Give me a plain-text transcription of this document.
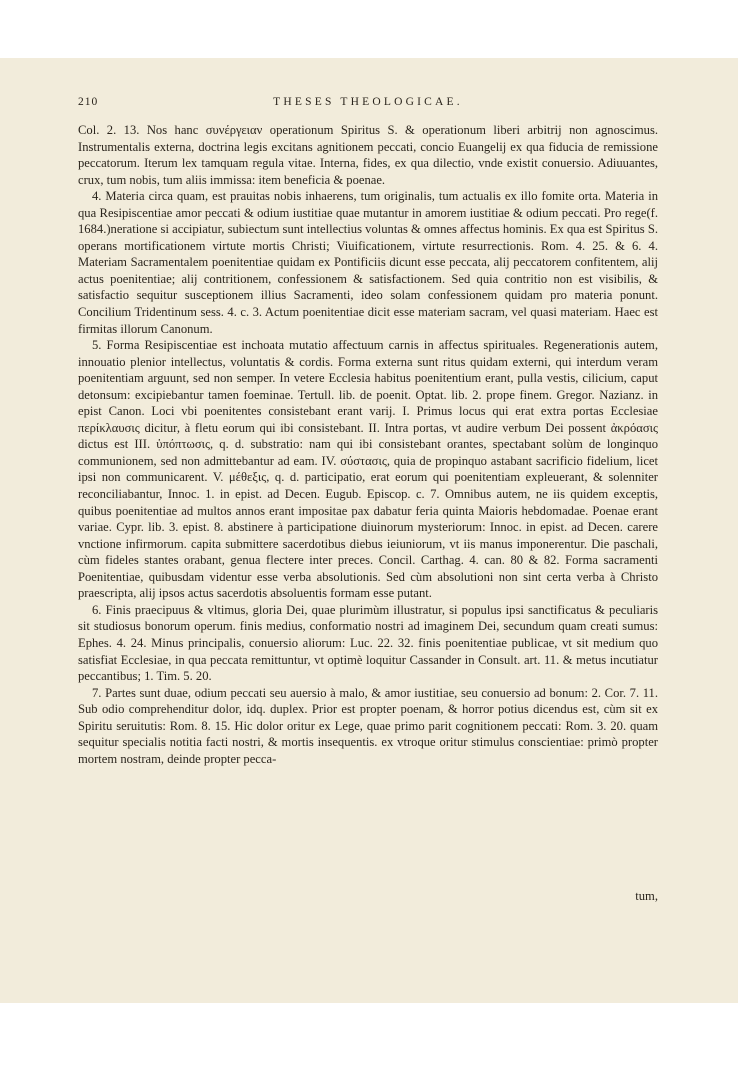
210	THESES THEOLOGICAE.

Col. 2. 13. Nos hanc συνέργειαν operationum Spiritus S. & operationum liberi arbitrij non agnoscimus. Instrumentalis externa, doctrina legis excitans agnitionem peccati, concio Euangelij ex qua fiducia de remissione peccatorum. Iterum lex tamquam regula vitae. Interna, fides, ex qua dilectio, vnde existit conuersio. Adiuuantes, crux, tum nobis, tum aliis immissa: item beneficia & poenae.

4. Materia circa quam, est prauitas nobis inhaerens, tum originalis, tum actualis ex illo fomite orta. Materia in qua Resipiscentiae amor peccati & odium iustitiae quae mutantur in amorem iustitiae & odium peccati. Pro rege(f. 1684.)neratione si accipiatur, subiectum sunt intellectius voluntas & omnes affectus hominis. Ex qua est Spiritus S. operans mortificationem virtute mortis Christi; Viuificationem, virtute resurrectionis. Rom. 4. 25. & 6. 4. Materiam Sacramentalem poenitentiae quidam ex Pontificiis dicunt esse peccata, alij peccatorem confitentem, alij actus poenitentiae; alij contritionem, confessionem & satisfactionem. Sed quia contritio non est visibilis, & satisfactio sequitur susceptionem illius Sacramenti, ideo solam confessionem quidam pro materia ponunt. Concilium Tridentinum sess. 4. c. 3. Actum poenitentiae dicit esse materiam sacram, vel quasi materiam. Haec est firmitas illorum Canonum.

5. Forma Resipiscentiae est inchoata mutatio affectuum carnis in affectus spirituales. Regenerationis autem, innouatio plenior intellectus, voluntatis & cordis. Forma externa sunt ritus quidam externi, qui interdum veram poenitentiam arguunt, sed non semper. In vetere Ecclesia habitus poenitentium erant, pulla vestis, cilicium, caput detonsum: excipiebantur tamen foeminae. Tertull. lib. de poenit. Optat. lib. 2. prope finem. Gregor. Nazianz. in epist Canon. Loci vbi poenitentes consistebant erant varij. I. Primus locus qui erat extra portas Ecclesiae περίκλαυσις dicitur, à fletu eorum qui ibi consistebant. II. Intra portas, vt audire verbum Dei possent ἀκρόασις dictus est III. ὑπόπτωσις, q. d. substratio: nam qui ibi consistebant orantes, spectabant solùm de longinquo communionem, sed non admittebantur ad eam. IV. σύστασις, quia de propinquo astabant sacrificio fidelium, licet ipsi non communicarent. V. μέθεξις, q. d. participatio, erat eorum qui poenitentiam expleuerant, & solenniter reconciliabantur, Innoc. 1. in epist. ad Decen. Eugub. Episcop. c. 7. Omnibus autem, ne iis quidem exceptis, quibus poenitentiae ad multos annos erant impositae pax dabatur feria quinta Maioris hebdomadae. Poenae erant variae. Cypr. lib. 3. epist. 8. abstinere à participatione diuinorum mysteriorum: Innoc. in epist. ad Decen. carere vnctione infirmorum. capita submittere sacerdotibus diebus ieiuniorum, vt iis manus imponerentur. Die paschali, cùm fideles stantes orabant, genua flectere inter preces. Concil. Carthag. 4. can. 80 & 82. Forma sacramenti Poenitentiae, quibusdam videntur esse verba absolutionis. Sed cùm absolutioni non sint certa verba à Christo praescripta, alij ipsos actus sacerdotis absoluentis formam esse putant.

6. Finis praecipuus & vltimus, gloria Dei, quae plurimùm illustratur, si populus ipsi sanctificatus & peculiaris sit studiosus bonorum operum. finis medius, conformatio nostri ad imaginem Dei, secundum quam creati sumus: Ephes. 4. 24. Minus principalis, conuersio aliorum: Luc. 22. 32. finis poenitentiae publicae, vt sit medium quo satisfiat Ecclesiae, in qua peccata remittuntur, vt optimè loquitur Cassander in Consult. art. 11. & metus incutiatur peccantibus; 1. Tim. 5. 20.

7. Partes sunt duae, odium peccati seu auersio à malo, & amor iustitiae, seu conuersio ad bonum: 2. Cor. 7. 11. Sub odio comprehenditur dolor, idq. duplex. Prior est propter poenam, & horror potius dicendus est, cùm sit ex Spiritu seruitutis: Rom. 8. 15. Hic dolor oritur ex Lege, quae primo parit cognitionem peccati: Rom. 3. 20. quam sequitur specialis notitia facti nostri, & mortis insequentis. ex vtroque oritur stimulus conscientiae: primò propter mortem nostram, deinde propter pecca-

tum,
